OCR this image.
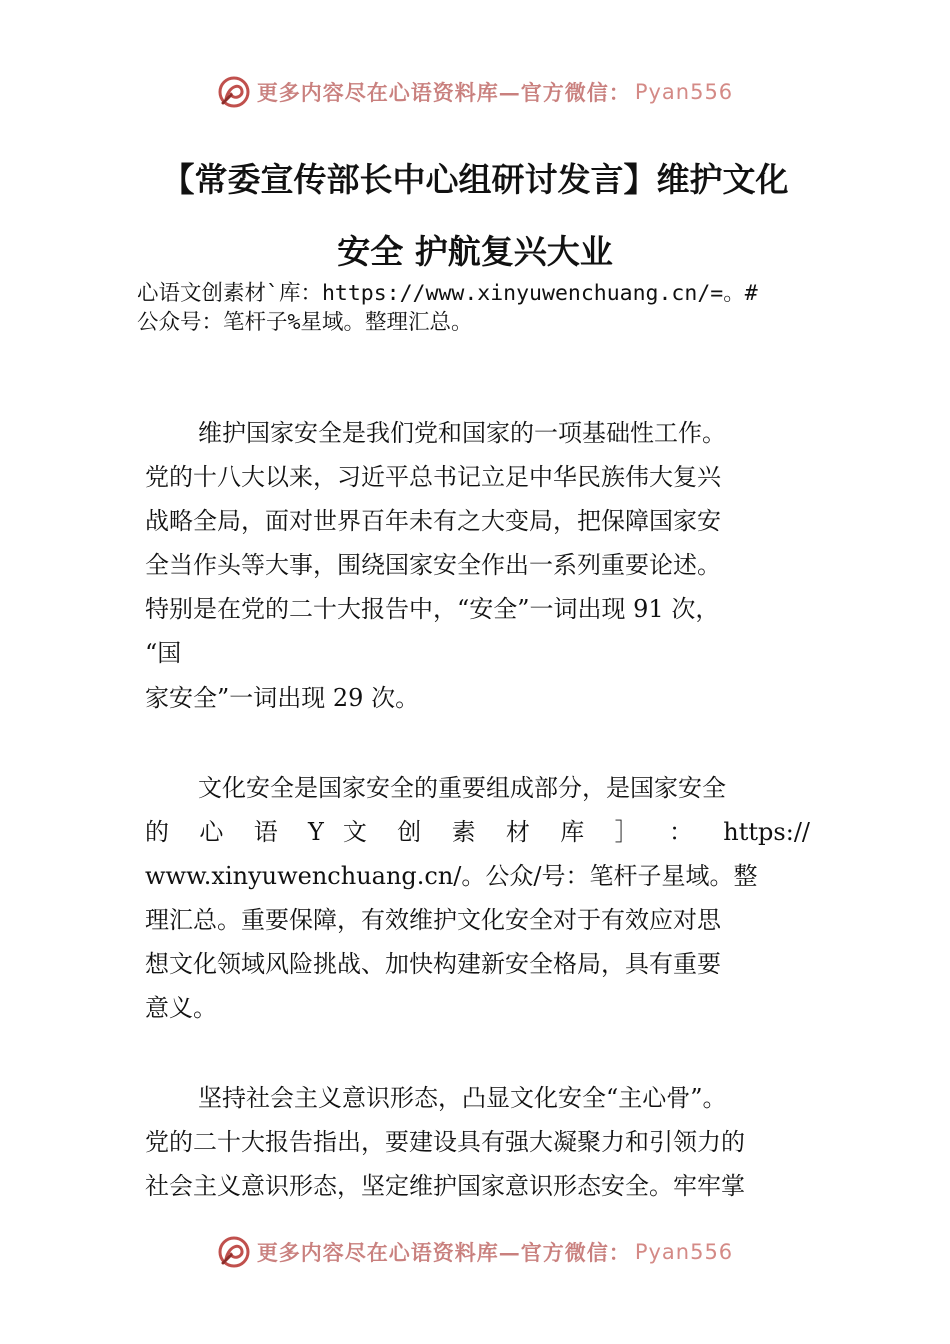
更多内容尽在心语资料库—官方微信： Pyan556
【常委宣传部长中心组研讨发言】维护文化
安全 护航复兴大业
心语文创素材`库：https://www.xinyuwenchuang.cn/=。#
公众号：笔杆子%星域。整理汇总。
维护国家安全是我们党和国家的一项基础性工作。
党的十八大以来，习近平总书记立足中华民族伟大复兴
战略全局，面对世界百年未有之大变局，把保障国家安
全当作头等大事，围绕国家安全作出一系列重要论述。
特别是在党的二十大报告中，“安全”一词出现 91 次，
“国
家安全”一词出现 29 次。
文化安全是国家安全的重要组成部分，是国家安全
的 心 语 Y 文 创 素 材 库 ］ ： https://
www.xinyuwenchuang.cn/。公众/号：笔杆子星域。整
理汇总。重要保障，有效维护文化安全对于有效应对思
想文化领域风险挑战、加快构建新安全格局，具有重要
意义。
坚持社会主义意识形态，凸显文化安全“主心骨”。
党的二十大报告指出，要建设具有强大凝聚力和引领力的
社会主义意识形态，坚定维护国家意识形态安全。牢牢掌
更多内容尽在心语资料库—官方微信： Pyan556
